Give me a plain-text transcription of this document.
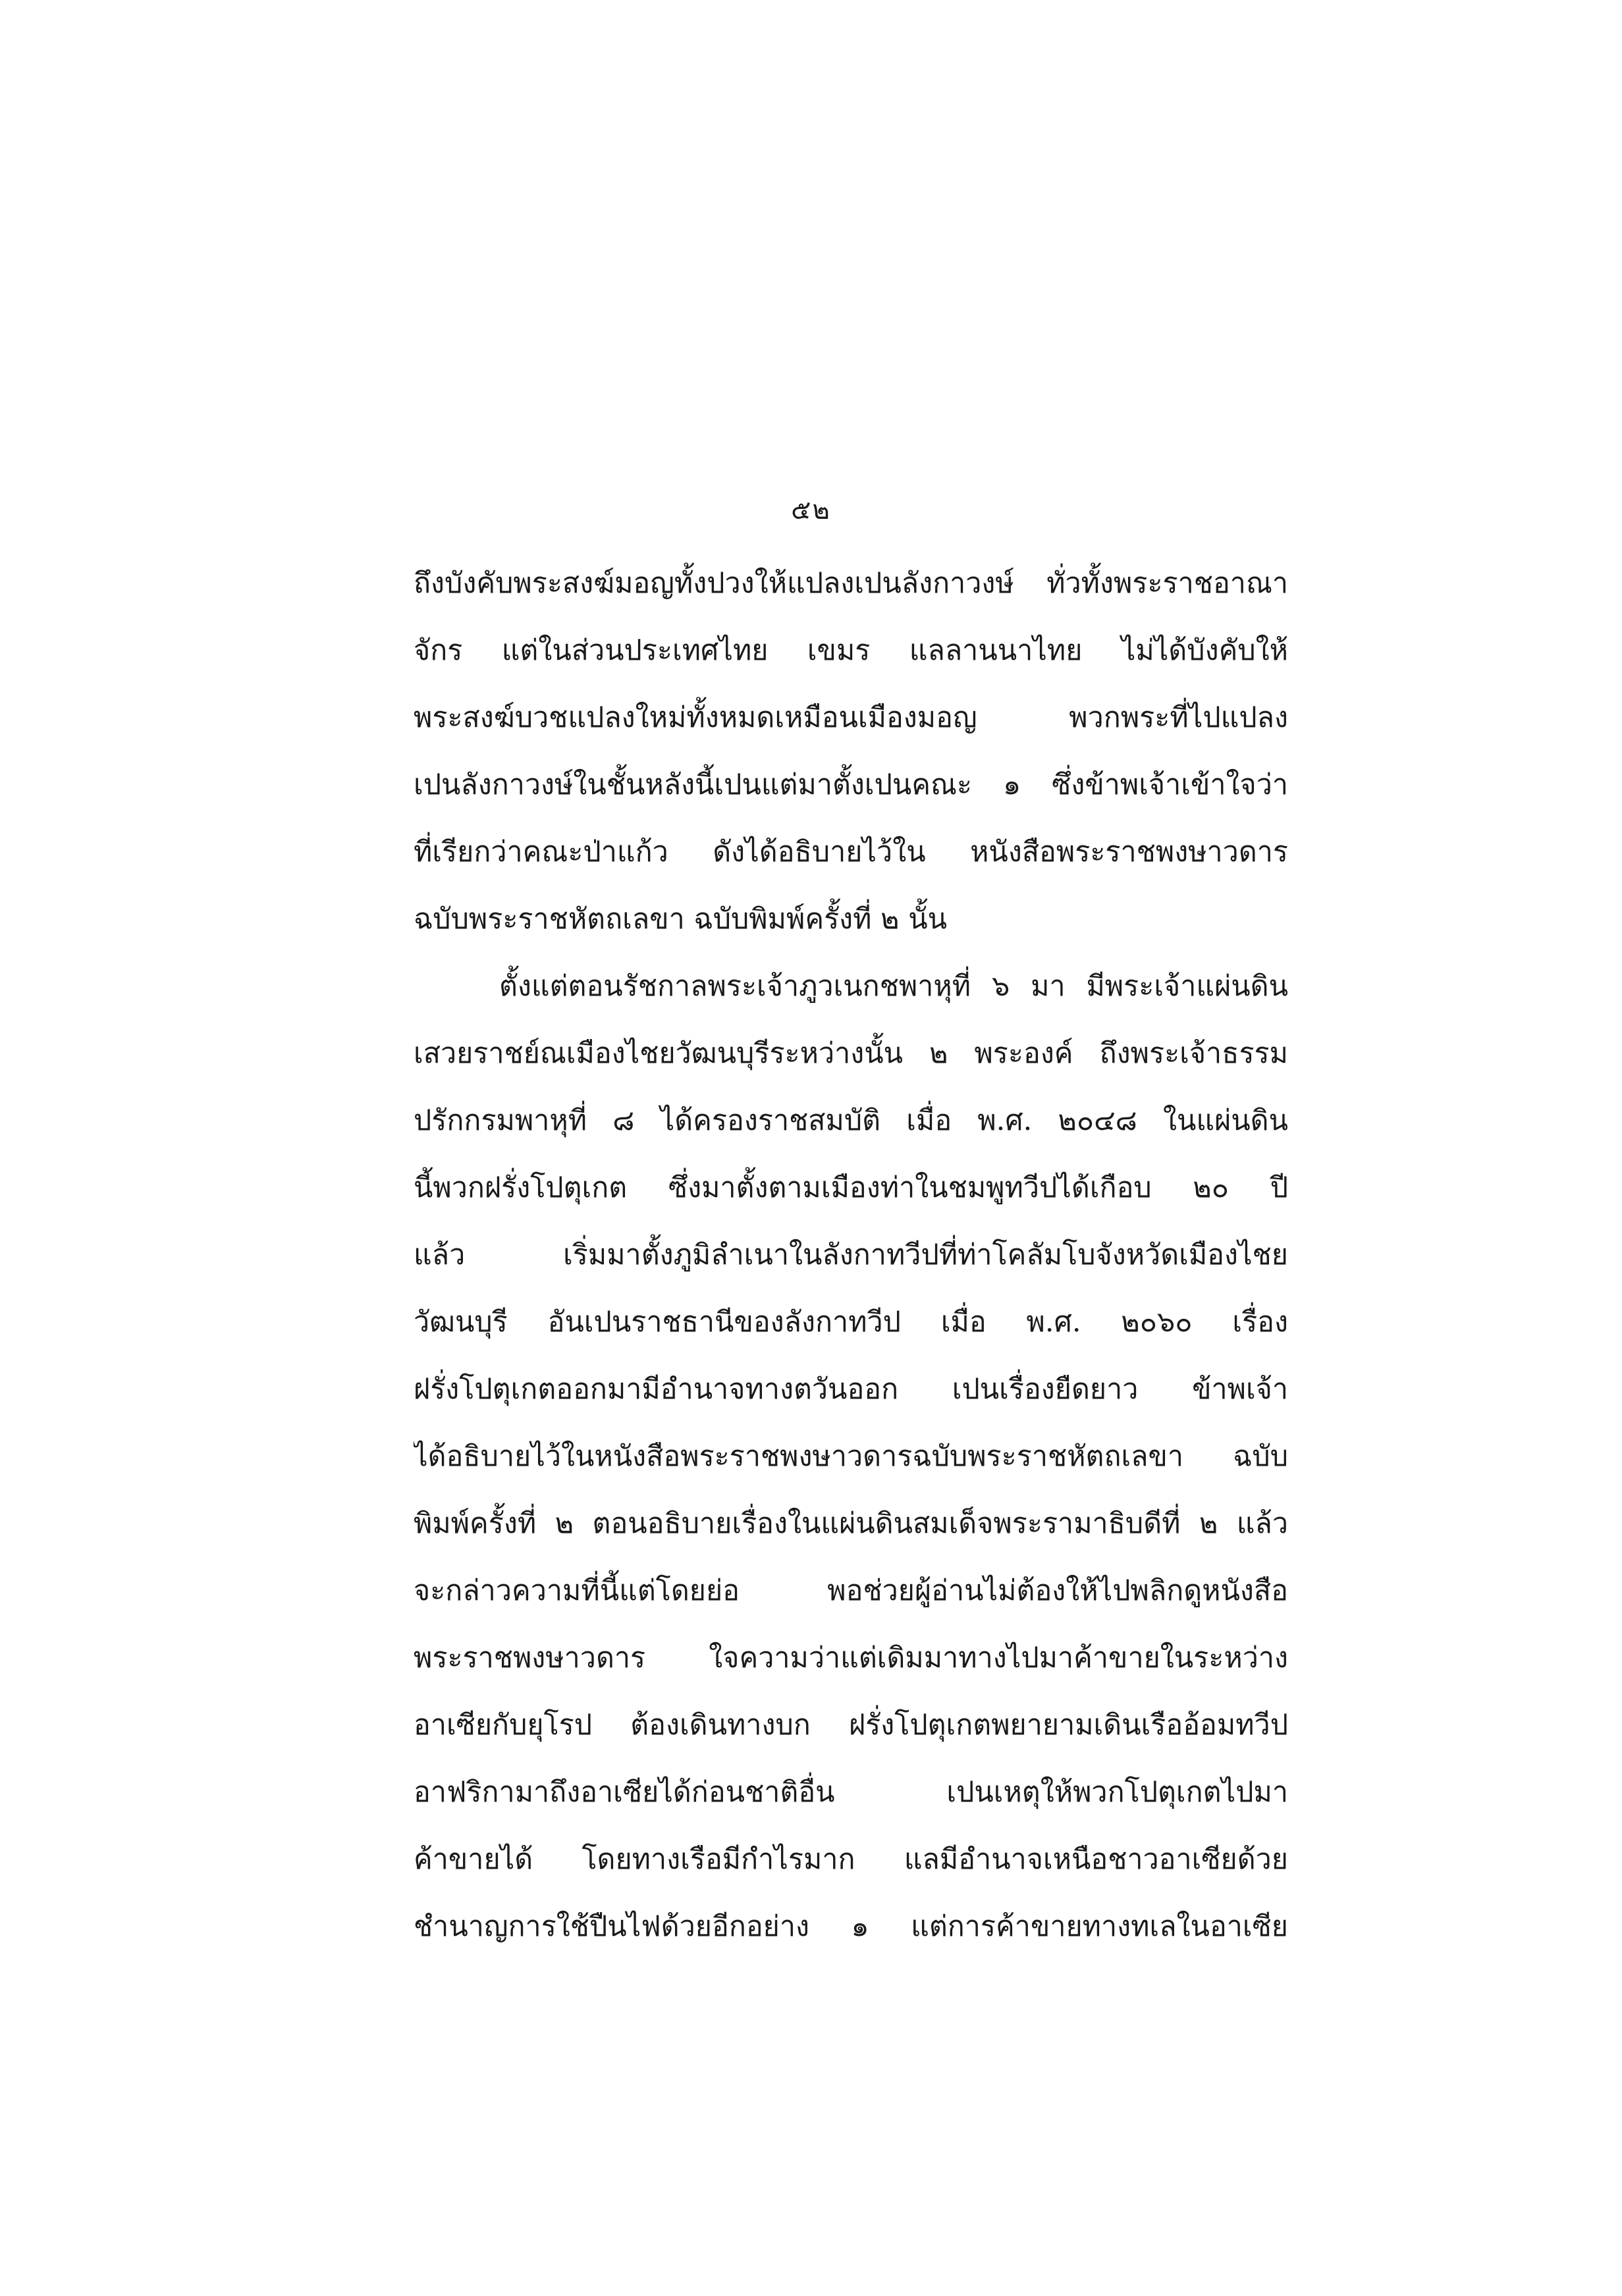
๕๒
ถึงบังคับพระสงฆ์มอญทั้งปวงให้แปลงเปนลังกาวงษ์ ทั่วทั้งพระราชอาณา
จักร แต่ในส่วนประเทศไทย เขมร แลลานนาไทย ไม่ได้บังคับให้
พระสงฆ์บวชแปลงใหม่ทั้งหมดเหมือนเมืองมอญ พวกพระที่ไปแปลง
เปนลังกาวงษ์ในชั้นหลังนี้เปนแต่มาตั้งเปนคณะ ๑ ซึ่งข้าพเจ้าเข้าใจว่า
ที่เรียกว่าคณะป่าแก้ว ดังได้อธิบายไว้ใน หนังสือพระราชพงษาวดาร
ฉบับพระราชหัตถเลขา ฉบับพิมพ์ครั้งที่ ๒ นั้น
ตั้งแต่ตอนรัชกาลพระเจ้าภูวเนกชพาหุที่ ๖ มา มีพระเจ้าแผ่นดิน
เสวยราชย์ณเมืองไชยวัฒนบุรีระหว่างนั้น ๒ พระองค์ ถึงพระเจ้าธรรม
ปรักกรมพาหุที่ ๘ ได้ครองราชสมบัติ เมื่อ พ.ศ. ๒๐๔๘ ในแผ่นดิน
นี้พวกฝรั่งโปตุเกต ซึ่งมาตั้งตามเมืองท่าในชมพูทวีปได้เกือบ ๒๐ ปี
แล้ว เริ่มมาตั้งภูมิลำเนาในลังกาทวีปที่ท่าโคลัมโบจังหวัดเมืองไชย
วัฒนบุรี อันเปนราชธานีของลังกาทวีป เมื่อ พ.ศ. ๒๐๖๐ เรื่อง
ฝรั่งโปตุเกตออกมามีอำนาจทางตวันออก เปนเรื่องยืดยาว ข้าพเจ้า
ได้อธิบายไว้ในหนังสือพระราชพงษาวดารฉบับพระราชหัตถเลขา ฉบับ
พิมพ์ครั้งที่ ๒ ตอนอธิบายเรื่องในแผ่นดินสมเด็จพระรามาธิบดีที่ ๒ แล้ว
จะกล่าวความที่นี้แต่โดยย่อ พอช่วยผู้อ่านไม่ต้องให้ไปพลิกดูหนังสือ
พระราชพงษาวดาร ใจความว่าแต่เดิมมาทางไปมาค้าขายในระหว่าง
อาเซียกับยุโรป ต้องเดินทางบก ฝรั่งโปตุเกตพยายามเดินเรืออ้อมทวีป
อาฟริกามาถึงอาเซียได้ก่อนชาติอื่น เปนเหตุให้พวกโปตุเกตไปมา
ค้าขายได้ โดยทางเรือมีกำไรมาก แลมีอำนาจเหนือชาวอาเซียด้วย
ชำนาญการใช้ปืนไฟด้วยอีกอย่าง ๑ แต่การค้าขายทางทเลในอาเซีย
